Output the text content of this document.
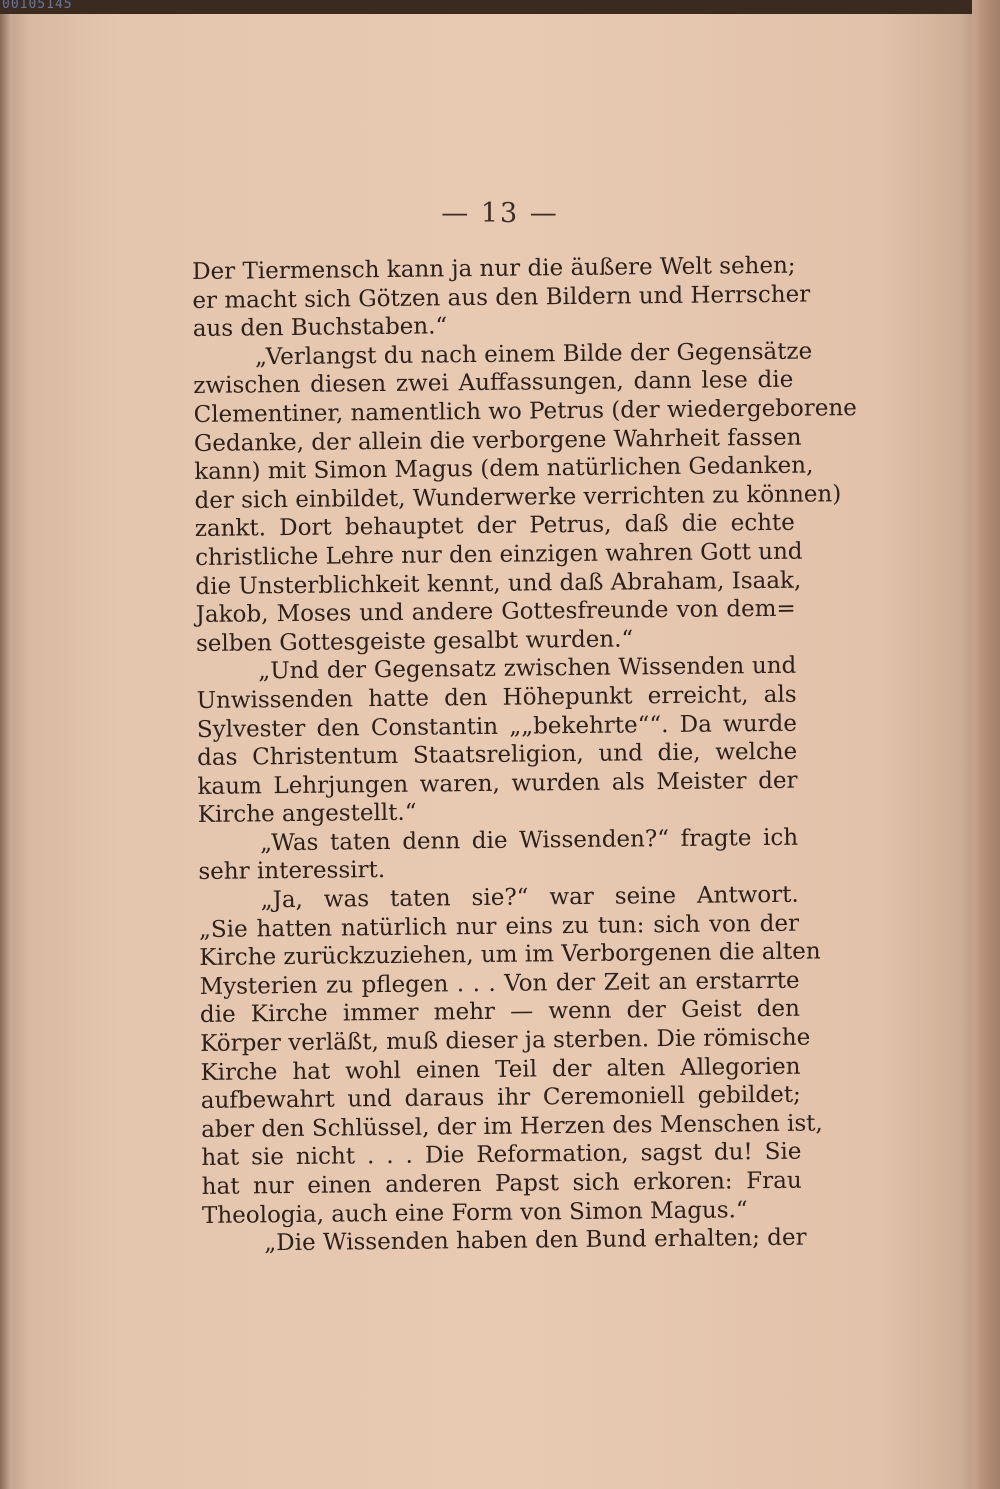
00105145
— 13 —
Der Tiermensch kann ja nur die äußere Welt sehen;
er macht sich Götzen aus den Bildern und Herrscher
aus den Buchstaben.“
„Verlangst du nach einem Bilde der Gegensätze
zwischen diesen zwei Auffassungen, dann lese die
Clementiner, namentlich wo Petrus (der wiedergeborene
Gedanke, der allein die verborgene Wahrheit fassen
kann) mit Simon Magus (dem natürlichen Gedanken,
der sich einbildet, Wunderwerke verrichten zu können)
zankt. Dort behauptet der Petrus, daß die echte
christliche Lehre nur den einzigen wahren Gott und
die Unsterblichkeit kennt, und daß Abraham, Isaak,
Jakob, Moses und andere Gottesfreunde von dem=
selben Gottesgeiste gesalbt wurden.“
„Und der Gegensatz zwischen Wissenden und
Unwissenden hatte den Höhepunkt erreicht, als
Sylvester den Constantin „„bekehrte““. Da wurde
das Christentum Staatsreligion, und die, welche
kaum Lehrjungen waren, wurden als Meister der
Kirche angestellt.“
„Was taten denn die Wissenden?“ fragte ich
sehr interessirt.
„Ja, was taten sie?“ war seine Antwort.
„Sie hatten natürlich nur eins zu tun: sich von der
Kirche zurückzuziehen, um im Verborgenen die alten
Mysterien zu pflegen . . . Von der Zeit an erstarrte
die Kirche immer mehr — wenn der Geist den
Körper verläßt, muß dieser ja sterben. Die römische
Kirche hat wohl einen Teil der alten Allegorien
aufbewahrt und daraus ihr Ceremoniell gebildet;
aber den Schlüssel, der im Herzen des Menschen ist,
hat sie nicht . . . Die Reformation, sagst du! Sie
hat nur einen anderen Papst sich erkoren: Frau
Theologia, auch eine Form von Simon Magus.“
„Die Wissenden haben den Bund erhalten; der
